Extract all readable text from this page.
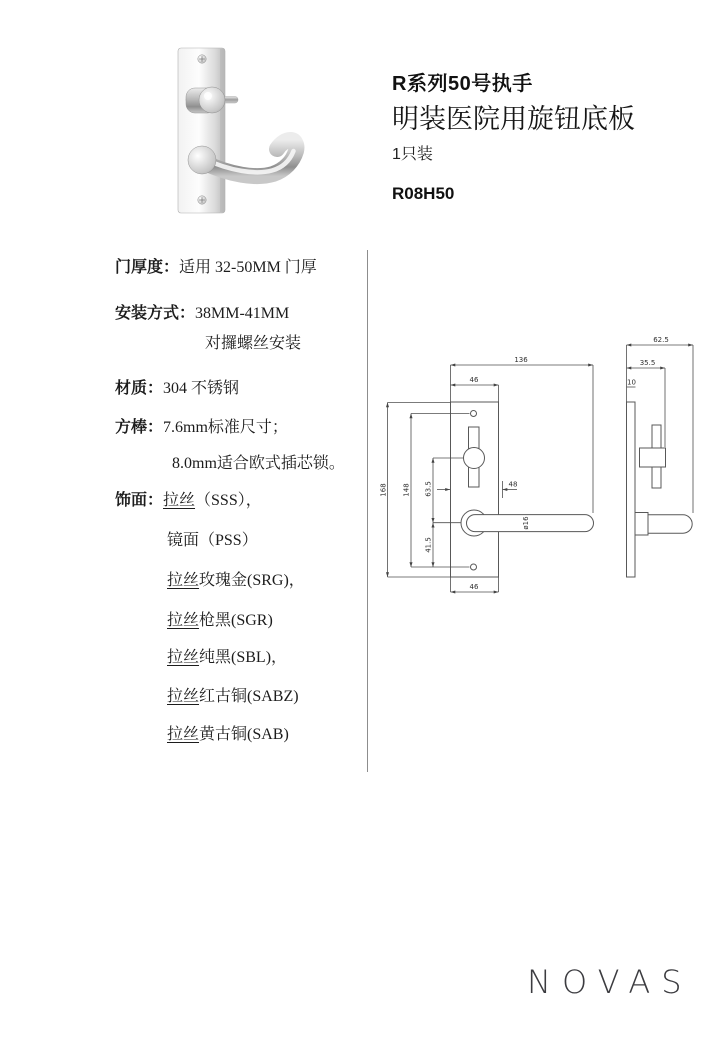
R系列50号执手
明装医院用旋钮底板
1只装
R08H50
门厚度：适用 32-50MM 门厚
安装方式：38MM-41MM
对攞螺丝安装
材质：304 不锈钢
方棒：7.6mm标准尺寸；
8.0mm适合欧式插芯锁。
饰面：拉丝（SSS），
镜面（PSS）
拉丝玫瑰金(SRG)，
拉丝枪黑(SGR)
拉丝纯黑(SBL)，
拉丝红古铜(SABZ)
拉丝黄古铜(SAB)
136
46
168 148 63.5
41.5
48
ø16
46
62.5
35.5
10
NOVAS
